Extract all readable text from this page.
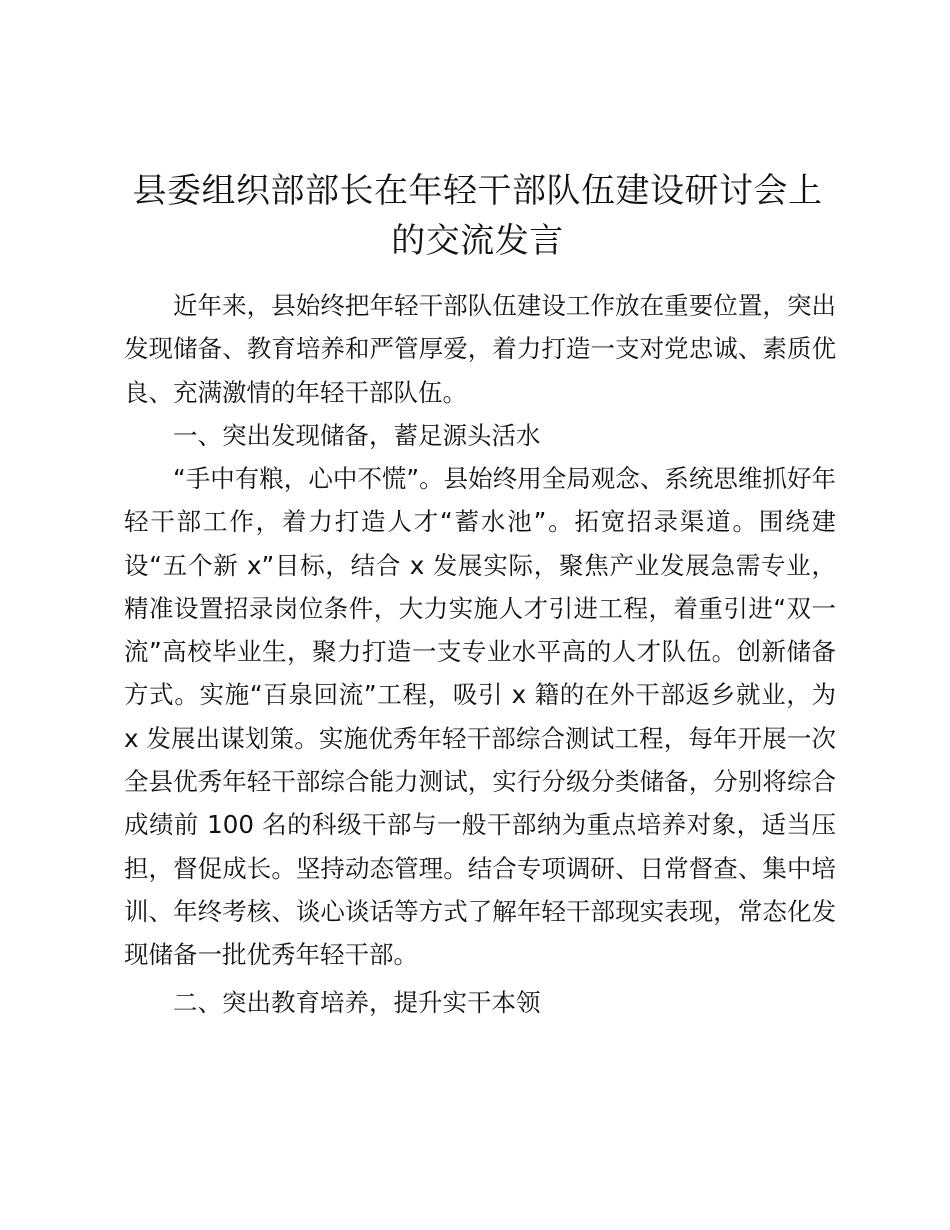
县委组织部部长在年轻干部队伍建设研讨会上
的交流发言

近年来，县始终把年轻干部队伍建设工作放在重要位置，突出发现储备、教育培养和严管厚爱，着力打造一支对党忠诚、素质优良、充满激情的年轻干部队伍。

一、突出发现储备，蓄足源头活水

“手中有粮，心中不慌”。县始终用全局观念、系统思维抓好年轻干部工作，着力打造人才“蓄水池”。拓宽招录渠道。围绕建设“五个新 x”目标，结合 x 发展实际，聚焦产业发展急需专业，精准设置招录岗位条件，大力实施人才引进工程，着重引进“双一流”高校毕业生，聚力打造一支专业水平高的人才队伍。创新储备方式。实施“百泉回流”工程，吸引 x 籍的在外干部返乡就业，为 x 发展出谋划策。实施优秀年轻干部综合测试工程，每年开展一次全县优秀年轻干部综合能力测试，实行分级分类储备，分别将综合成绩前 100 名的科级干部与一般干部纳为重点培养对象，适当压担，督促成长。坚持动态管理。结合专项调研、日常督查、集中培训、年终考核、谈心谈话等方式了解年轻干部现实表现，常态化发现储备一批优秀年轻干部。

二、突出教育培养，提升实干本领
